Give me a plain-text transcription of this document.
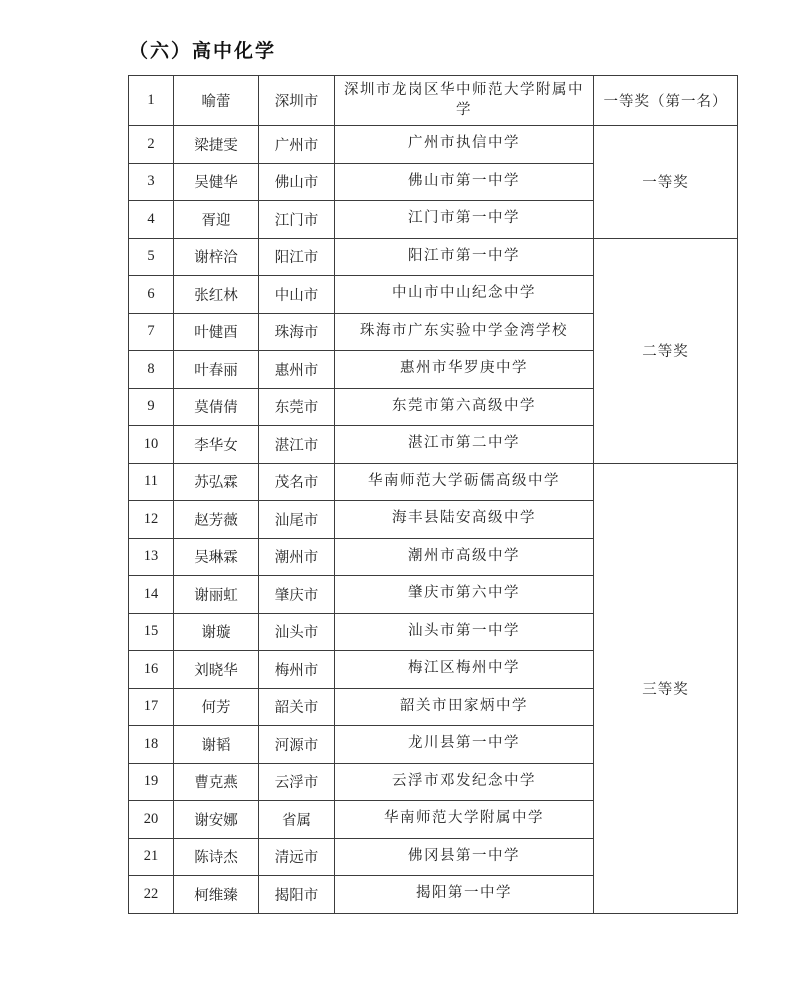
（六）高中化学
1	喻蕾	深圳市	深圳市龙岗区华中师范大学附属中学	一等奖（第一名）
2	梁捷雯	广州市	广州市执信中学	一等奖
3	吴健华	佛山市	佛山市第一中学	
4	胥迎	江门市	江门市第一中学	
5	谢梓洽	阳江市	阳江市第一中学	二等奖
6	张红林	中山市	中山市中山纪念中学	
7	叶健酉	珠海市	珠海市广东实验中学金湾学校	
8	叶春丽	惠州市	惠州市华罗庚中学	
9	莫倩倩	东莞市	东莞市第六高级中学	
10	李华女	湛江市	湛江市第二中学	
11	苏弘霖	茂名市	华南师范大学砺儒高级中学	三等奖
12	赵芳薇	汕尾市	海丰县陆安高级中学	
13	吴琳霖	潮州市	潮州市高级中学	
14	谢丽虹	肇庆市	肇庆市第六中学	
15	谢璇	汕头市	汕头市第一中学	
16	刘晓华	梅州市	梅江区梅州中学	
17	何芳	韶关市	韶关市田家炳中学	
18	谢韬	河源市	龙川县第一中学	
19	曹克燕	云浮市	云浮市邓发纪念中学	
20	谢安娜	省属	华南师范大学附属中学	
21	陈诗杰	清远市	佛冈县第一中学	
22	柯维臻	揭阳市	揭阳第一中学	
